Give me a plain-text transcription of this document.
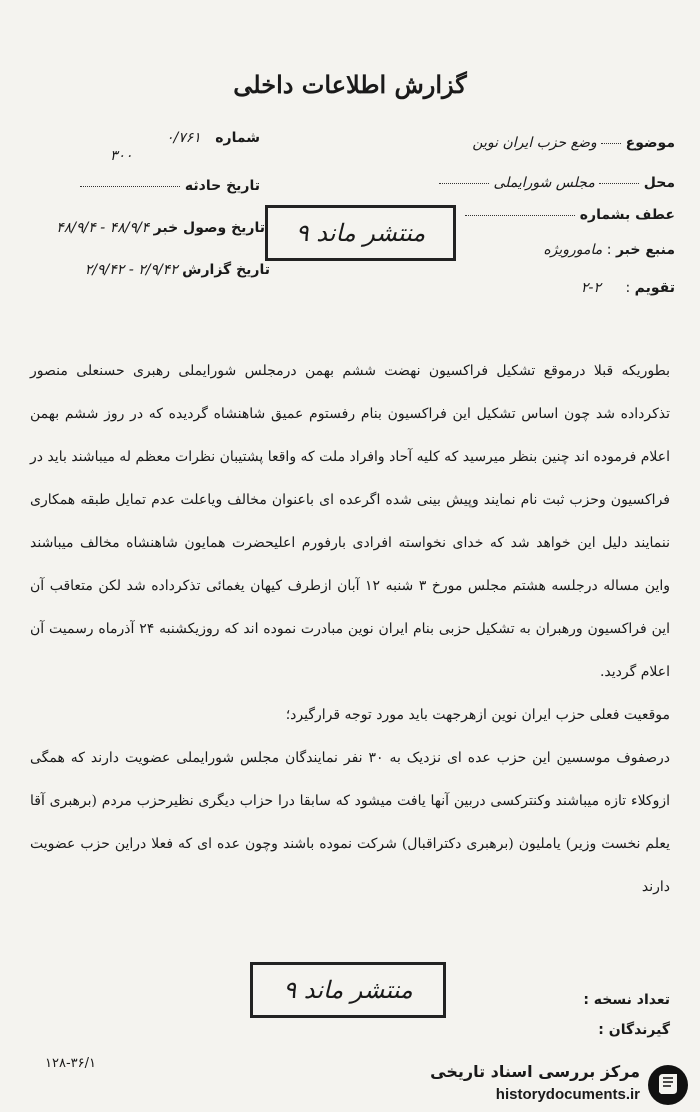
گزارش اطلاعات داخلی
شماره ۰/۷۶۱
۳۰۰
تاریخ حادثه
تاریخ وصول خبر ۴۸/۹/۴ - ۴۸/۹/۴
تاریخ گزارش ۲/۹/۴۲ - ۲/۹/۴۲
موضوع  وضع حزب ایران نوین
محل  مجلس شورایملی
عطف بشماره
منبع خبر : مامورویژه
تقویم : ۲-۲
منتشر ماند ۹

بطوریکه قبلا درموقع تشکیل فراکسیون نهضت ششم بهمن درمجلس شورایملی رهبری حسنعلی منصور تذکرداده شد چون اساس تشکیل این فراکسیون بنام رفستوم عمیق شاهنشاه گردیده که در روز ششم بهمن اعلام فرموده اند چنین بنظر میرسید که کلیه آحاد وافراد ملت که واقعا پشتیبان نظرات معظم له میباشند باید در فراکسیون وحزب ثبت نام نمایند وپیش بینی شده اگرعده ای باعنوان مخالف ویاعلت عدم تمایل طبقه همکاری ننمایند دلیل این خواهد شد که خدای نخواسته افرادی بارفورم اعلیحضرت همایون شاهنشاه مخالف میباشند واین مساله درجلسه هشتم مجلس مورخ ۳ شنبه ۱۲ آبان ازطرف کیهان یغمائی تذکرداده شد لکن متعاقب آن این فراکسیون ورهبران به تشکیل حزبی بنام ایران نوین مبادرت نموده اند که روزیکشنبه ۲۴ آذرماه رسمیت آن اعلام گردید.

موقعیت فعلی حزب ایران نوین ازهرجهت باید مورد توجه قرارگیرد؛

درصفوف موسسین این حزب عده ای نزدیک به ۳۰ نفر نمایندگان مجلس شورایملی عضویت دارند که همگی ازوکلاء تازه میباشند وکنترکسی دربین آنها یافت میشود که سابقا درا حزاب دیگری نظیرحزب مردم (برهبری آقا یعلم نخست وزیر) یاملیون (برهبری دکتراقبال) شرکت نموده باشند وچون عده ای که فعلا دراین حزب عضویت دارند

منتشر ماند ۹	تعداد نسخه :
گیرندگان :
۱۲۸-۳۶/۱	مرکز بررسی اسناد تاریخی
historydocuments.ir
